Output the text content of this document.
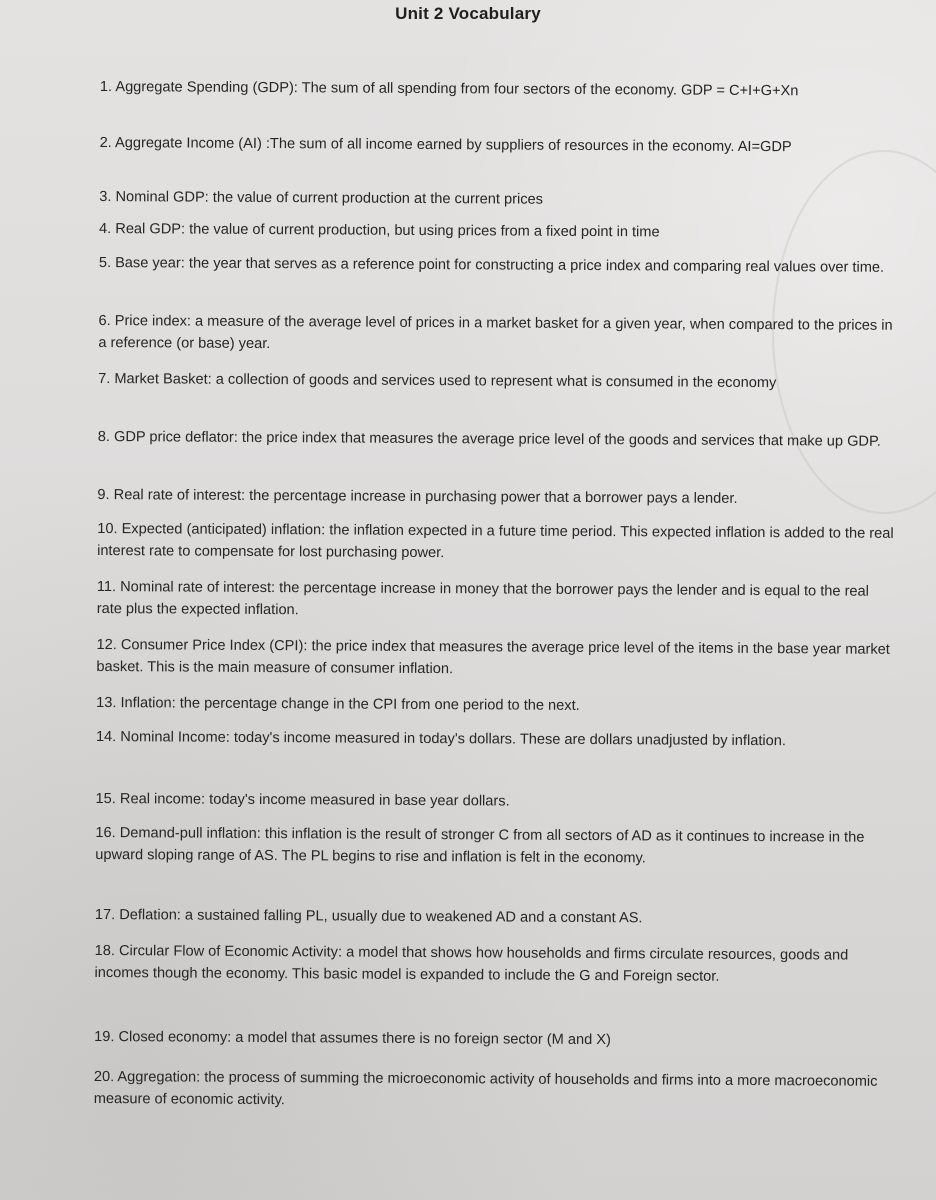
Unit 2 Vocabulary
1. Aggregate Spending (GDP): The sum of all spending from four sectors of the economy. GDP = C+I+G+Xn
2. Aggregate Income (AI) :The sum of all income earned by suppliers of resources in the economy. AI=GDP
3. Nominal GDP: the value of current production at the current prices
4. Real GDP: the value of current production, but using prices from a fixed point in time
5. Base year: the year that serves as a reference point for constructing a price index and comparing real values over time.
6. Price index: a measure of the average level of prices in a market basket for a given year, when compared to the prices in a reference (or base) year.
7. Market Basket: a collection of goods and services used to represent what is consumed in the economy
8. GDP price deflator: the price index that measures the average price level of the goods and services that make up GDP.
9. Real rate of interest: the percentage increase in purchasing power that a borrower pays a lender.
10. Expected (anticipated) inflation: the inflation expected in a future time period. This expected inflation is added to the real interest rate to compensate for lost purchasing power.
11. Nominal rate of interest: the percentage increase in money that the borrower pays the lender and is equal to the real rate plus the expected inflation.
12. Consumer Price Index (CPI): the price index that measures the average price level of the items in the base year market basket. This is the main measure of consumer inflation.
13. Inflation: the percentage change in the CPI from one period to the next.
14. Nominal Income: today's income measured in today's dollars. These are dollars unadjusted by inflation.
15. Real income: today's income measured in base year dollars.
16. Demand-pull inflation: this inflation is the result of stronger C from all sectors of AD as it continues to increase in the upward sloping range of AS. The PL begins to rise and inflation is felt in the economy.
17. Deflation: a sustained falling PL, usually due to weakened AD and a constant AS.
18. Circular Flow of Economic Activity: a model that shows how households and firms circulate resources, goods and incomes though the economy. This basic model is expanded to include the G and Foreign sector.
19. Closed economy: a model that assumes there is no foreign sector (M and X)
20. Aggregation: the process of summing the microeconomic activity of households and firms into a more macroeconomic measure of economic activity.
